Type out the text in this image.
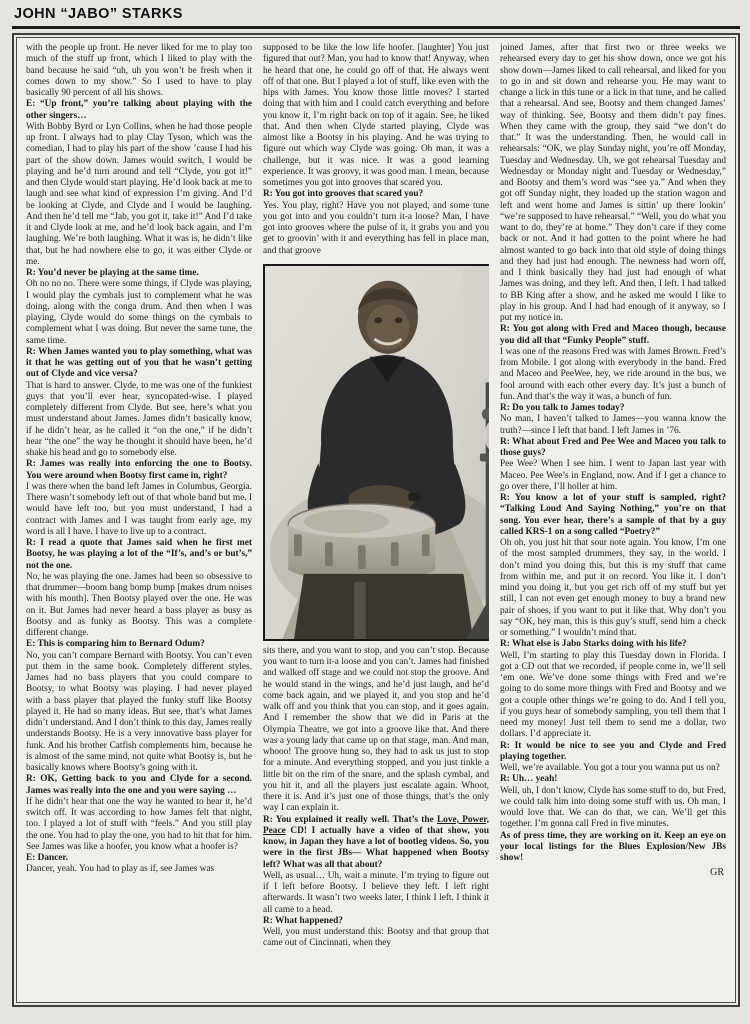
JOHN “JABO” STARKS

with the people up front. He never liked for me to play too much of the stuff up front, which I liked to play with the band because he said “uh, uh you won’t be fresh when it comes down to my show.” So I used to have to play basically 90 percent of all his shows.

E: “Up front,” you’re talking about playing with the other singers…

With Bobby Byrd or Lyn Collins, when he had those people up front. I always had to play Clay Tyson, which was the comedian, I had to play his part of the show ’cause I had his part of the show down. James would switch, I would be playing and he’d turn around and tell “Clyde, you got it!” and then Clyde would start playing. He’d look back at me to laugh and see what kind of expression I’m giving. And I’d be looking at Clyde, and Clyde and I would be laughing. And then he’d tell me “Jab, you got it, take it!” And I’d take it and Clyde look at me, and he’d look back again, and I’m laughing. We’re both laughing. What it was is, he didn’t like that, but he had nowhere else to go, it was either Clyde or me.

R: You’d never be playing at the same time.

Oh no no no. There were some things, if Clyde was playing, I would play the cymbals just to complement what he was doing, along with the conga drum. And then when I was playing, Clyde would do some things on the cymbals to complement what I was doing. But never the same tune, the same time.

R: When James wanted you to play something, what was it that he was getting out of you that he wasn’t getting out of Clyde and vice versa?

That is hard to answer. Clyde, to me was one of the funkiest guys that you’ll ever hear, syncopated-wise. I played completely different from Clyde. But see, here’s what you must understand about James. James didn’t basically know, if he didn’t hear, as he called it “on the one,” if he didn’t hear “the one” the way he thought it should have been, he’d shake his head and go to somebody else.

R: James was really into enforcing the one to Bootsy. You were around when Bootsy first came in, right?

I was there when the band left James in Columbus, Georgia. There wasn’t somebody left out of that whole band but me. I would have left too, but you must understand, I had a contract with James and I was taught from early age, my word is all I have. I have to live up to a contract.

R: I read a quote that James said when he first met Bootsy, he was playing a lot of the “If’s, and’s or but’s,” not the one.

No, he was playing the one. James had been so obsessive to that drummer—boom bang bomp bump [makes drum noises with his mouth]. Then Bootsy played over the one. He was on it. But James had never heard a bass player as busy as Bootsy and as funky as Bootsy. This was a complete different change.

E: This is comparing him to Bernard Odum?

No, you can’t compare Bernard with Bootsy. You can’t even put them in the same book. Completely different styles. James had no bass players that you could compare to Bootsy, to what Bootsy was playing. I had never played with a bass player that played the funky stuff like Bootsy played it. He had so many ideas. But see, that’s what James didn’t understand. And I don’t think to this day, James really understands Bootsy. He is a very innovative bass player for funk. And his brother Catfish complements him, because he is almost of the same mind, not quite what Bootsy is, but he basically knows where Bootsy’s going with it.

R: OK, Getting back to you and Clyde for a second. James was really into the one and you were saying …

If he didn’t hear that one the way he wanted to hear it, he’d switch off. It was according to how James felt that night, too. I played a lot of stuff with “feels.” And you still play the one. You had to play the one, you had to hit that for him. See James was like a hoofer, you know what a hoofer is?

E: Dancer.

Dancer, yeah. You had to play as if, see James was

supposed to be like the low life hoofer. [laughter] You just figured that out? Man, you had to know that! Anyway, when he heard that one, he could go off of that. He always went off of that one. But I played a lot of stuff, like even with the hips with James. You know those little moves? I started doing that with him and I could catch everything and before you know it, I’m right back on top of it again. See, he liked that. And then when Clyde started playing, Clyde was almost like a Bootsy in his playing. And he was trying to figure out which way Clyde was going. Oh man, it was a challenge, but it was nice. It was a good learning experience. It was groovy, it was good man. I mean, because sometimes you got into grooves that scared you.

R: You got into grooves that scared you?

Yes. You play, right? Have you not played, and some tune you got into and you couldn’t turn it-a loose? Man, I have got into grooves where the pulse of it, it grabs you and you get to groovin’ with it and everything has fell in place man, and that groove

sits there, and you want to stop, and you can’t stop. Because you want to turn it-a loose and you can’t. James had finished and walked off stage and we could not stop the groove. And he would stand in the wings, and he’d just laugh, and he’d come back again, and we played it, and you stop and he’d walk off and you think that you can stop, and it goes again. And I remember the show that we did in Paris at the Olympia Theatre, we got into a groove like that. And there was a young lady that came up on that stage, man. And man, whooo! The groove hung so, they had to ask us just to stop for a minute. And everything stopped, and you just tinkle a little bit on the rim of the snare, and the splash cymbal, and you hit it, and all the players just escalate again. Whoot, there it is. And it’s just one of those things, that’s the only way I can explain it.

R: You explained it really well. That’s the Love, Power, Peace CD! I actually have a video of that show, you know, in Japan they have a lot of bootleg videos. So, you were in the first JBs— What happened when Bootsy left? What was all that about?

Well, as usual… Uh, wait a minute. I’m trying to figure out if I left before Bootsy. I believe they left. I left right afterwards. It wasn’t two weeks later, I think I left. I think it all came to a head.

R: What happened?

Well, you must understand this: Bootsy and that group that came out of Cincinnati, when they

joined James, after that first two or three weeks we rehearsed every day to get his show down, once we got his show down—James liked to call rehearsal, and liked for you to go in and sit down and rehearse you. He may want to change a lick in this tune or a lick in that tune, and he called that a rehearsal. And see, Bootsy and them changed James’ way of thinking. See, Bootsy and them didn’t pay fines. When they came with the group, they said “we don’t do that.” It was the understanding. Then, he would call in rehearsals: “OK, we play Sunday night, you’re off Monday, Tuesday and Wednesday. Uh, we got rehearsal Tuesday and Wednesday or Monday night and Tuesday or Wednesday,” and Bootsy and them’s word was “see ya.” And when they got off Sunday night, they loaded up the station wagon and left and went home and James is sittin’ up there lookin’ “we’re supposed to have rehearsal.” “Well, you do what you want to do, they’re at home.” They don’t care if they come back or not. And it had gotten to the point where he had almost wanted to go back into that old style of doing things and they had just had enough. The newness had worn off, and I think basically they had just had enough of what James was doing, and they left. And then, I left. I had talked to BB King after a show, and he asked me would I like to play in his group. And I had had enough of it anyway, so I put my notice in.

R: You got along with Fred and Maceo though, because you did all that “Funky People” stuff.

I was one of the reasons Fred was with James Brown. Fred’s from Mobile. I got along with everybody in the band. Fred and Maceo and PeeWee, hey, we ride around in the bus, we fool around with each other every day. It’s just a bunch of fun. And that’s the way it was, a bunch of fun.

R: Do you talk to James today?

No man, I haven’t talked to James—you wanna know the truth?—since I left that band. I left James in ’76.

R: What about Fred and Pee Wee and Maceo you talk to those guys?

Pee Wee? When I see him. I went to Japan last year with Maceo. Pee Wee’s in England, now. And if I get a chance to go over there, I’ll holler at him.

R: You know a lot of your stuff is sampled, right? “Talking Loud And Saying Nothing,” you’re on that song. You ever hear, there’s a sample of that by a guy called KRS-1 on a song called “Poetry?”

Oh oh, you just hit that sour note again. You know, I’m one of the most sampled drummers, they say, in the world. I don’t mind you doing this, but this is my stuff that came from within me, and put it on record. You like it. I don’t mind you doing it, but you get rich off of my stuff but yet still, I can not even get enough money to buy a brand new pair of shoes, if you want to put it like that. Why don’t you say “OK, hey man, this is this guy’s stuff, send him a check or something.” I wouldn’t mind that.

R: What else is Jabo Starks doing with his life?

Well, I’m starting to play this Tuesday down in Florida. I got a CD out that we recorded, if people come in, we’ll sell ‘em one. We’ve done some things with Fred and we’re going to do some more things with Fred and Bootsy and we got a couple other things we’re going to do. And I tell you, if you guys hear of somebody sampling, you tell them that I need my money! Just tell them to send me a dollar, two dollars. I’d appreciate it.

R: It would be nice to see you and Clyde and Fred playing together.

Well, we’re available. You got a tour you wanna put us on?

R: Uh… yeah!

Well, uh, I don’t know, Clyde has some stuff to do, but Fred, we could talk him into doing some stuff with us. Oh man, I would love that. We can do that, we can. We’ll get this together. I’m gonna call Fred in five minutes.

As of press time, they are working on it. Keep an eye on your local listings for the Blues Explosion/New JBs show!

GR
